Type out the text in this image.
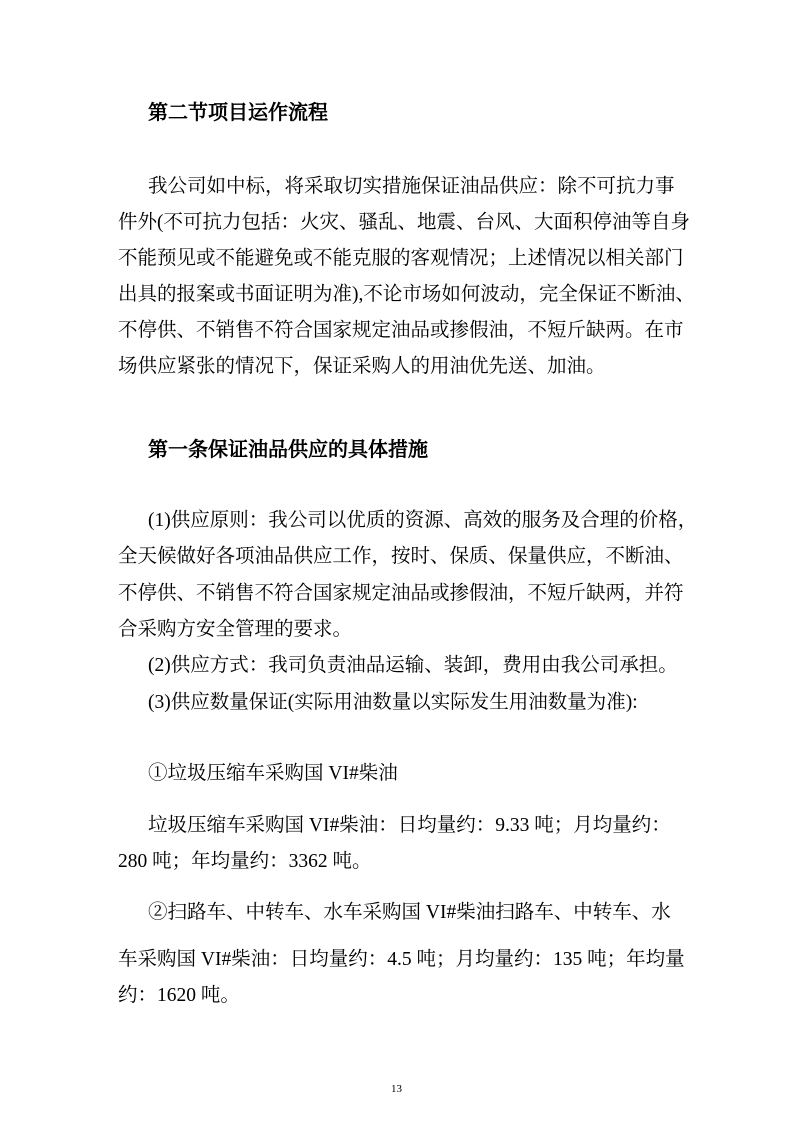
第二节项目运作流程
我公司如中标，将采取切实措施保证油品供应：除不可抗力事
件外(不可抗力包括：火灾、骚乱、地震、台风、大面积停油等自身
不能预见或不能避免或不能克服的客观情况；上述情况以相关部门
出具的报案或书面证明为准),不论市场如何波动，完全保证不断油、
不停供、不销售不符合国家规定油品或掺假油，不短斤缺两。在市
场供应紧张的情况下，保证采购人的用油优先送、加油。
第一条保证油品供应的具体措施
(1)供应原则：我公司以优质的资源、高效的服务及合理的价格，
全天候做好各项油品供应工作，按时、保质、保量供应，不断油、
不停供、不销售不符合国家规定油品或掺假油，不短斤缺两，并符
合采购方安全管理的要求。
(2)供应方式：我司负责油品运输、装卸，费用由我公司承担。
(3)供应数量保证(实际用油数量以实际发生用油数量为准):
①垃圾压缩车采购国 VI#柴油
垃圾压缩车采购国 VI#柴油：日均量约：9.33 吨；月均量约：
280 吨；年均量约：3362 吨。
②扫路车、中转车、水车采购国 VI#柴油扫路车、中转车、水
车采购国 VI#柴油：日均量约：4.5 吨；月均量约：135 吨；年均量
约：1620 吨。
13
